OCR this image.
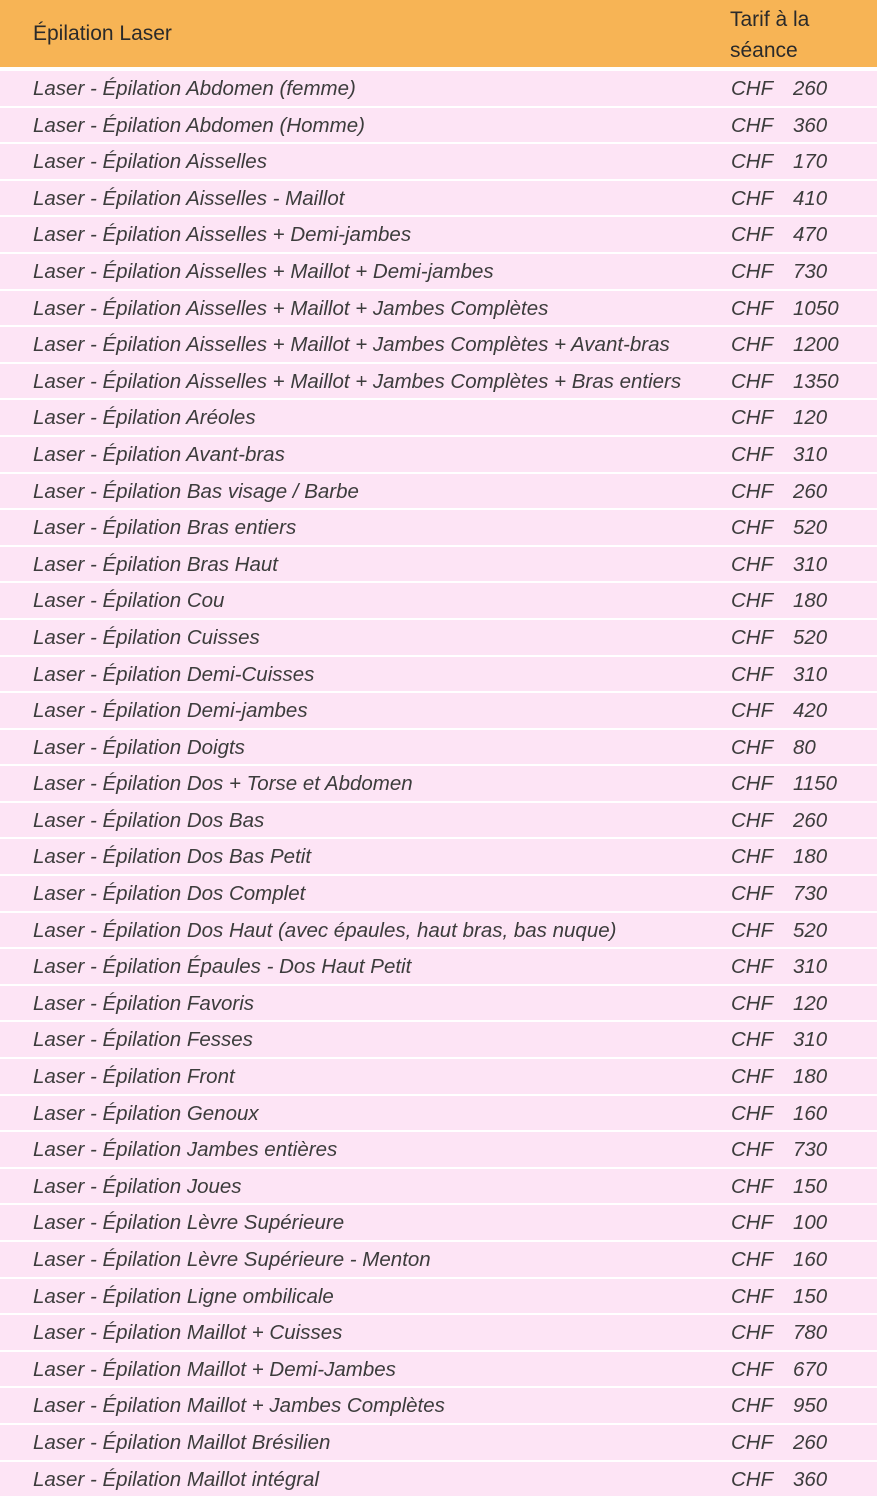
Épilation Laser
Tarif à la
séance
Laser - Épilation Abdomen (femme)	CHF 260
Laser - Épilation Abdomen (Homme)	CHF 360
Laser - Épilation Aisselles	CHF 170
Laser - Épilation Aisselles - Maillot	CHF 410
Laser - Épilation Aisselles + Demi-jambes	CHF 470
Laser - Épilation Aisselles + Maillot + Demi-jambes	CHF 730
Laser - Épilation Aisselles + Maillot + Jambes Complètes	CHF 1050
Laser - Épilation Aisselles + Maillot + Jambes Complètes + Avant-bras	CHF 1200
Laser - Épilation Aisselles + Maillot + Jambes Complètes + Bras entiers CHF 1350
Laser - Épilation Aréoles	CHF 120
Laser - Épilation Avant-bras	CHF 310
Laser - Épilation Bas visage / Barbe	CHF 260
Laser - Épilation Bras entiers	CHF 520
Laser - Épilation Bras Haut	CHF 310
Laser - Épilation Cou	CHF 180
Laser - Épilation Cuisses	CHF 520
Laser - Épilation Demi-Cuisses	CHF 310
Laser - Épilation Demi-jambes	CHF 420
Laser - Épilation Doigts	CHF 80
Laser - Épilation Dos + Torse et Abdomen	CHF 1150
Laser - Épilation Dos Bas	CHF 260
Laser - Épilation Dos Bas Petit	CHF 180
Laser - Épilation Dos Complet	CHF 730
Laser - Épilation Dos Haut (avec épaules, haut bras, bas nuque)	CHF 520
Laser - Épilation Épaules - Dos Haut Petit	CHF 310
Laser - Épilation Favoris	CHF 120
Laser - Épilation Fesses	CHF 310
Laser - Épilation Front	CHF 180
Laser - Épilation Genoux	CHF 160
Laser - Épilation Jambes entières	CHF 730
Laser - Épilation Joues	CHF 150
Laser - Épilation Lèvre Supérieure	CHF 100
Laser - Épilation Lèvre Supérieure - Menton	CHF 160
Laser - Épilation Ligne ombilicale	CHF 150
Laser - Épilation Maillot + Cuisses	CHF 780
Laser - Épilation Maillot + Demi-Jambes	CHF 670
Laser - Épilation Maillot + Jambes Complètes	CHF 950
Laser - Épilation Maillot Brésilien	CHF 260
Laser - Épilation Maillot intégral	CHF 360
